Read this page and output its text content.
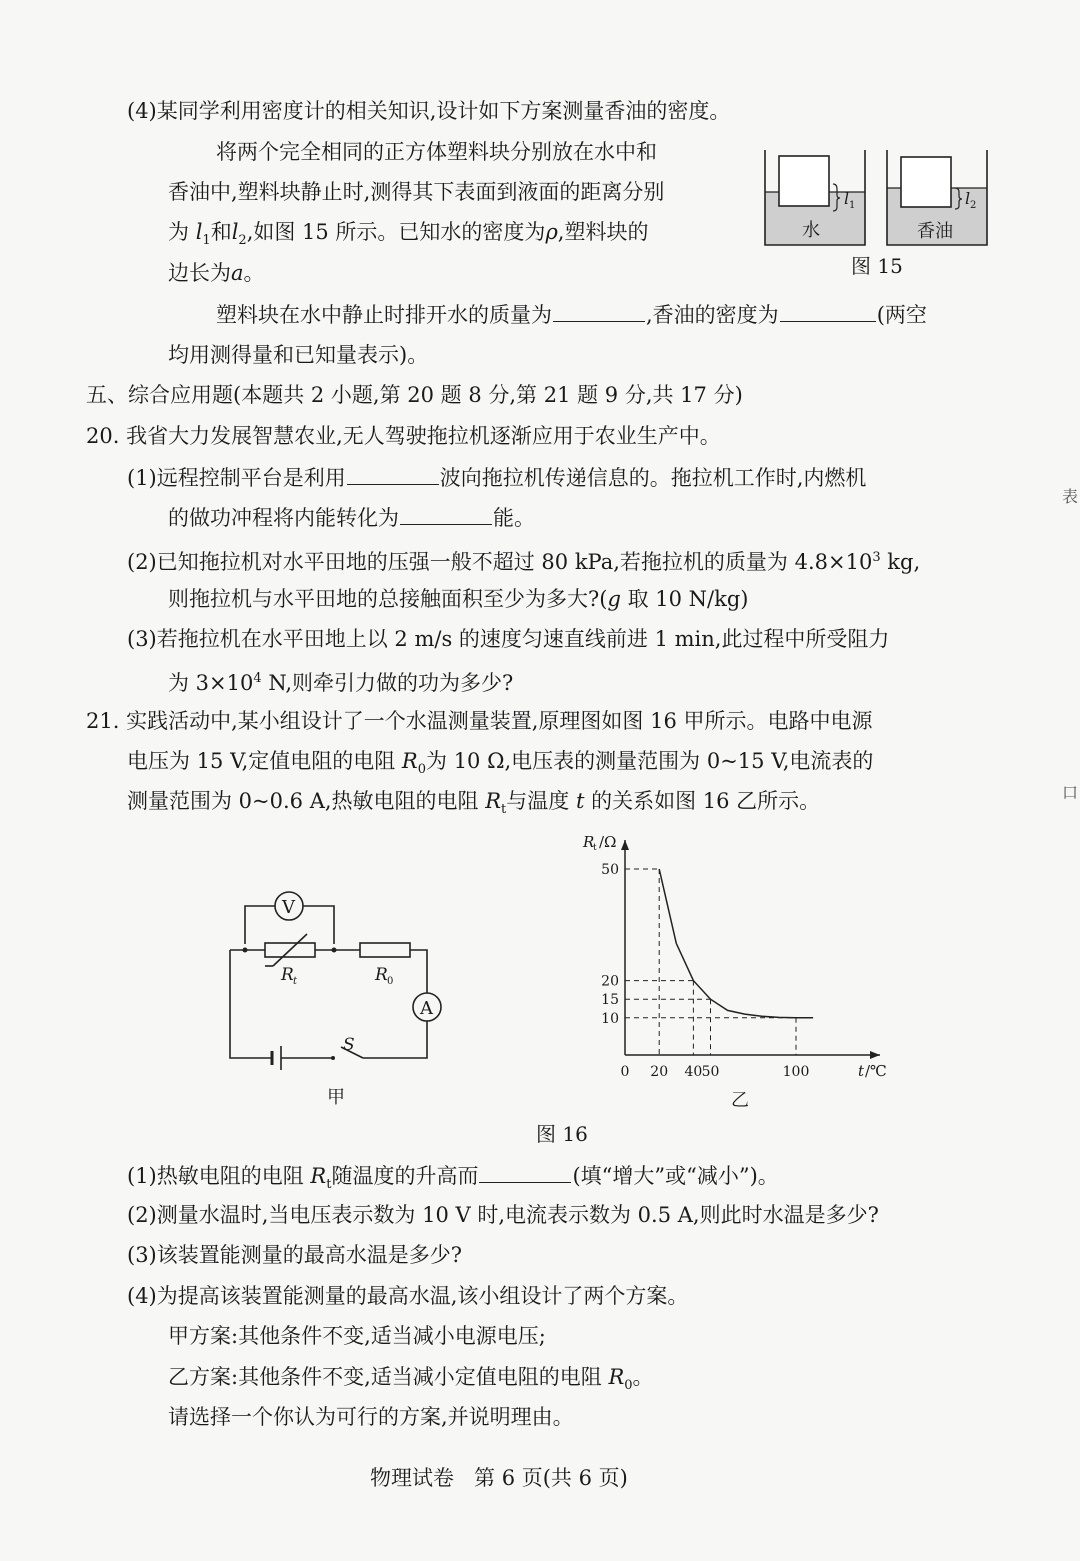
(4)某同学利用密度计的相关知识,设计如下方案测量香油的密度。
将两个完全相同的正方体塑料块分别放在水中和
香油中,塑料块静止时,测得其下表面到液面的距离分别
为 $l_1$和$l_2$,如图 15 所示。已知水的密度为ρ,塑料块的
边长为a。
塑料块在水中静止时排开水的质量为	,香油的密度为	(两空
均用测得量和已知量表示)。
l 1
水
l 2
香油
图 15
五、综合应用题(本题共 2 小题,第 20 题 8 分,第 21 题 9 分,共 17 分)
20. 我省大力发展智慧农业,无人驾驶拖拉机逐渐应用于农业生产中。
(1)远程控制平台是利用	波向拖拉机传递信息的。拖拉机工作时,内燃机
的做功冲程将内能转化为	能。
(2)已知拖拉机对水平田地的压强一般不超过 80 kPa,若拖拉机的质量为 $4.8\times 10^3$ kg,
则拖拉机与水平田地的总接触面积至少为多大?(g 取 10 N/kg)
(3)若拖拉机在水平田地上以 2 m/s 的速度匀速直线前进 1 min,此过程中所受阻力
为 $3\times 10^4$ N,则牵引力做的功为多少?
21. 实践活动中,某小组设计了一个水温测量装置,原理图如图 16 甲所示。电路中电源
电压为 15 V,定值电阻的电阻 $R_0$为 10 Ω,电压表的测量范围为 0~15 V,电流表的
测量范围为 0~0.6 A,热敏电阻的电阻 $R_t$与温度 t 的关系如图 16 乙所示。
V
A
S
R t	R 0
甲
R
t /Ω
t /℃
乙
50
20
15
10
0 20 40 50	100
图 16
(1)热敏电阻的电阻 $R_t$随温度的升高而	(填“增大”或“减小”)。
(2)测量水温时,当电压表示数为 10 V 时,电流表示数为 0.5 A,则此时水温是多少?
(3)该装置能测量的最高水温是多少?
(4)为提高该装置能测量的最高水温,该小组设计了两个方案。
甲方案:其他条件不变,适当减小电源电压;
乙方案:其他条件不变,适当减小定值电阻的电阻 $R_0$。
请选择一个你认为可行的方案,并说明理由。
物理试卷   第 6 页(共 6 页)
表
口
